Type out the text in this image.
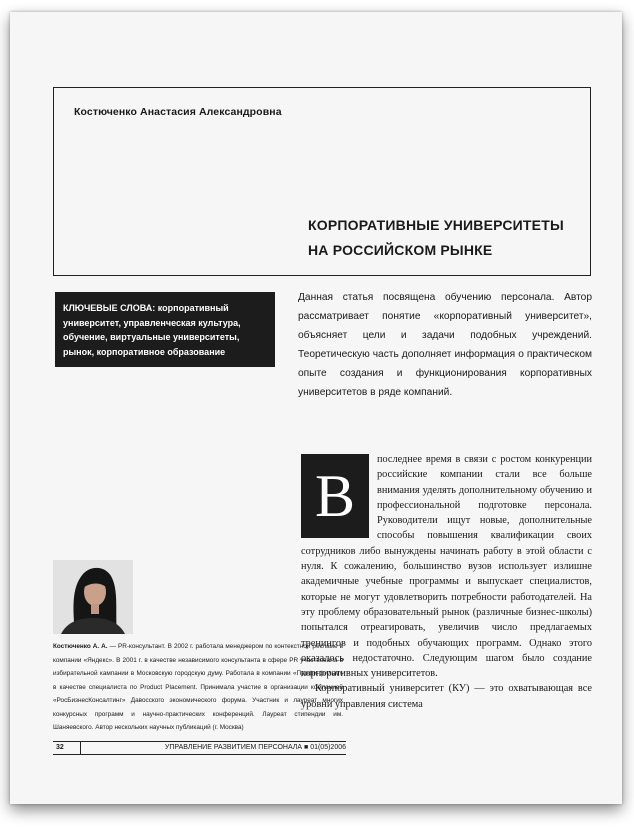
Костюченко Анастасия Александровна
КОРПОРАТИВНЫЕ УНИВЕРСИТЕТЫ
НА РОССИЙСКОМ РЫНКЕ
КЛЮЧЕВЫЕ СЛОВА: корпоративный университет, управленческая культура, обучение, виртуальные университеты, рынок, корпоративное образование
Данная статья посвящена обучению персонала. Автор рассматривает понятие «корпоративный университет», объясняет цели и задачи подобных учреждений. Теоретическую часть дополняет информация о практическом опыте создания и функционирования корпоративных университетов в ряде компаний.
В

последнее время в связи с ростом конкуренции российские компании стали все больше внимания уделять дополнительному обучению и профессиональной подготовке персонала. Руководители ищут новые, дополнительные способы повышения квалификации своих сотрудников либо вынуждены начинать работу в этой области с нуля. К сожалению, большинство вузов использует излишне академичные учебные программы и выпускает специалистов, которые не могут удовлетворить потребности работодателей. На эту проблему образовательный рынок (различные бизнес-школы) попытался отреагировать, увеличив число предлагаемых тренингов и подобных обучающих программ. Однако этого оказалось недостаточно. Следующим шагом было создание корпоративных университетов.

Корпоративный университет (КУ) — это охватывающая все уровни управления система

Костюченко А. А. — PR-консультант. В 2002 г. работала менеджером по контекстной рекламе в компании «Яндекс». В 2001 г. в качестве независимого консультанта в сфере PR участвовала в избирательной кампании в Московскую городскую думу. Работала в компании «Профи-фильм» в качестве специалиста по Product Placement. Принимала участие в организации компанией «РосБизнесКонсалтинг» Давосского экономического форума. Участник и лауреат многих конкурсных программ и научно-практических конференций. Лауреат стипендии им. Шаняевского. Автор нескольких научных публикаций (г. Москва)
32	УПРАВЛЕНИЕ РАЗВИТИЕМ ПЕРСОНАЛА ■ 01(05)2006
